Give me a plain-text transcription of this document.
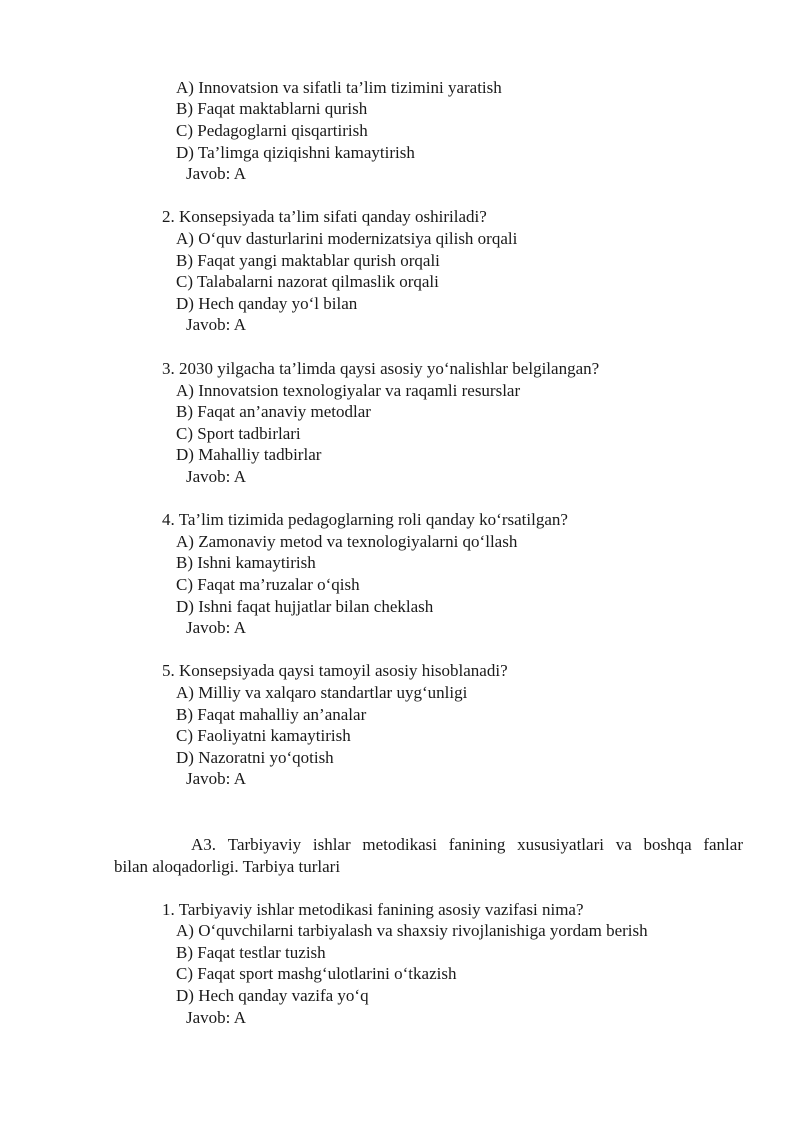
A) Innovatsion va sifatli ta’lim tizimini yaratish
B) Faqat maktablarni qurish
C) Pedagoglarni qisqartirish
D) Ta’limga qiziqishni kamaytirish
Javob: A
2. Konsepsiyada ta’lim sifati qanday oshiriladi?
A) O‘quv dasturlarini modernizatsiya qilish orqali
B) Faqat yangi maktablar qurish orqali
C) Talabalarni nazorat qilmaslik orqali
D) Hech qanday yo‘l bilan
Javob: A
3. 2030 yilgacha ta’limda qaysi asosiy yo‘nalishlar belgilangan?
A) Innovatsion texnologiyalar va raqamli resurslar
B) Faqat an’anaviy metodlar
C) Sport tadbirlari
D) Mahalliy tadbirlar
Javob: A
4. Ta’lim tizimida pedagoglarning roli qanday ko‘rsatilgan?
A) Zamonaviy metod va texnologiyalarni qo‘llash
B) Ishni kamaytirish
C) Faqat ma’ruzalar o‘qish
D) Ishni faqat hujjatlar bilan cheklash
Javob: A
5. Konsepsiyada qaysi tamoyil asosiy hisoblanadi?
A) Milliy va xalqaro standartlar uyg‘unligi
B) Faqat mahalliy an’analar
C) Faoliyatni kamaytirish
D) Nazoratni yo‘qotish
Javob: A
A3. Tarbiyaviy ishlar metodikasi fanining xususiyatlari va boshqa fanlar
bilan aloqadorligi. Tarbiya turlari
1. Tarbiyaviy ishlar metodikasi fanining asosiy vazifasi nima?
A) O‘quvchilarni tarbiyalash va shaxsiy rivojlanishiga yordam berish
B) Faqat testlar tuzish
C) Faqat sport mashg‘ulotlarini o‘tkazish
D) Hech qanday vazifa yo‘q
Javob: A
